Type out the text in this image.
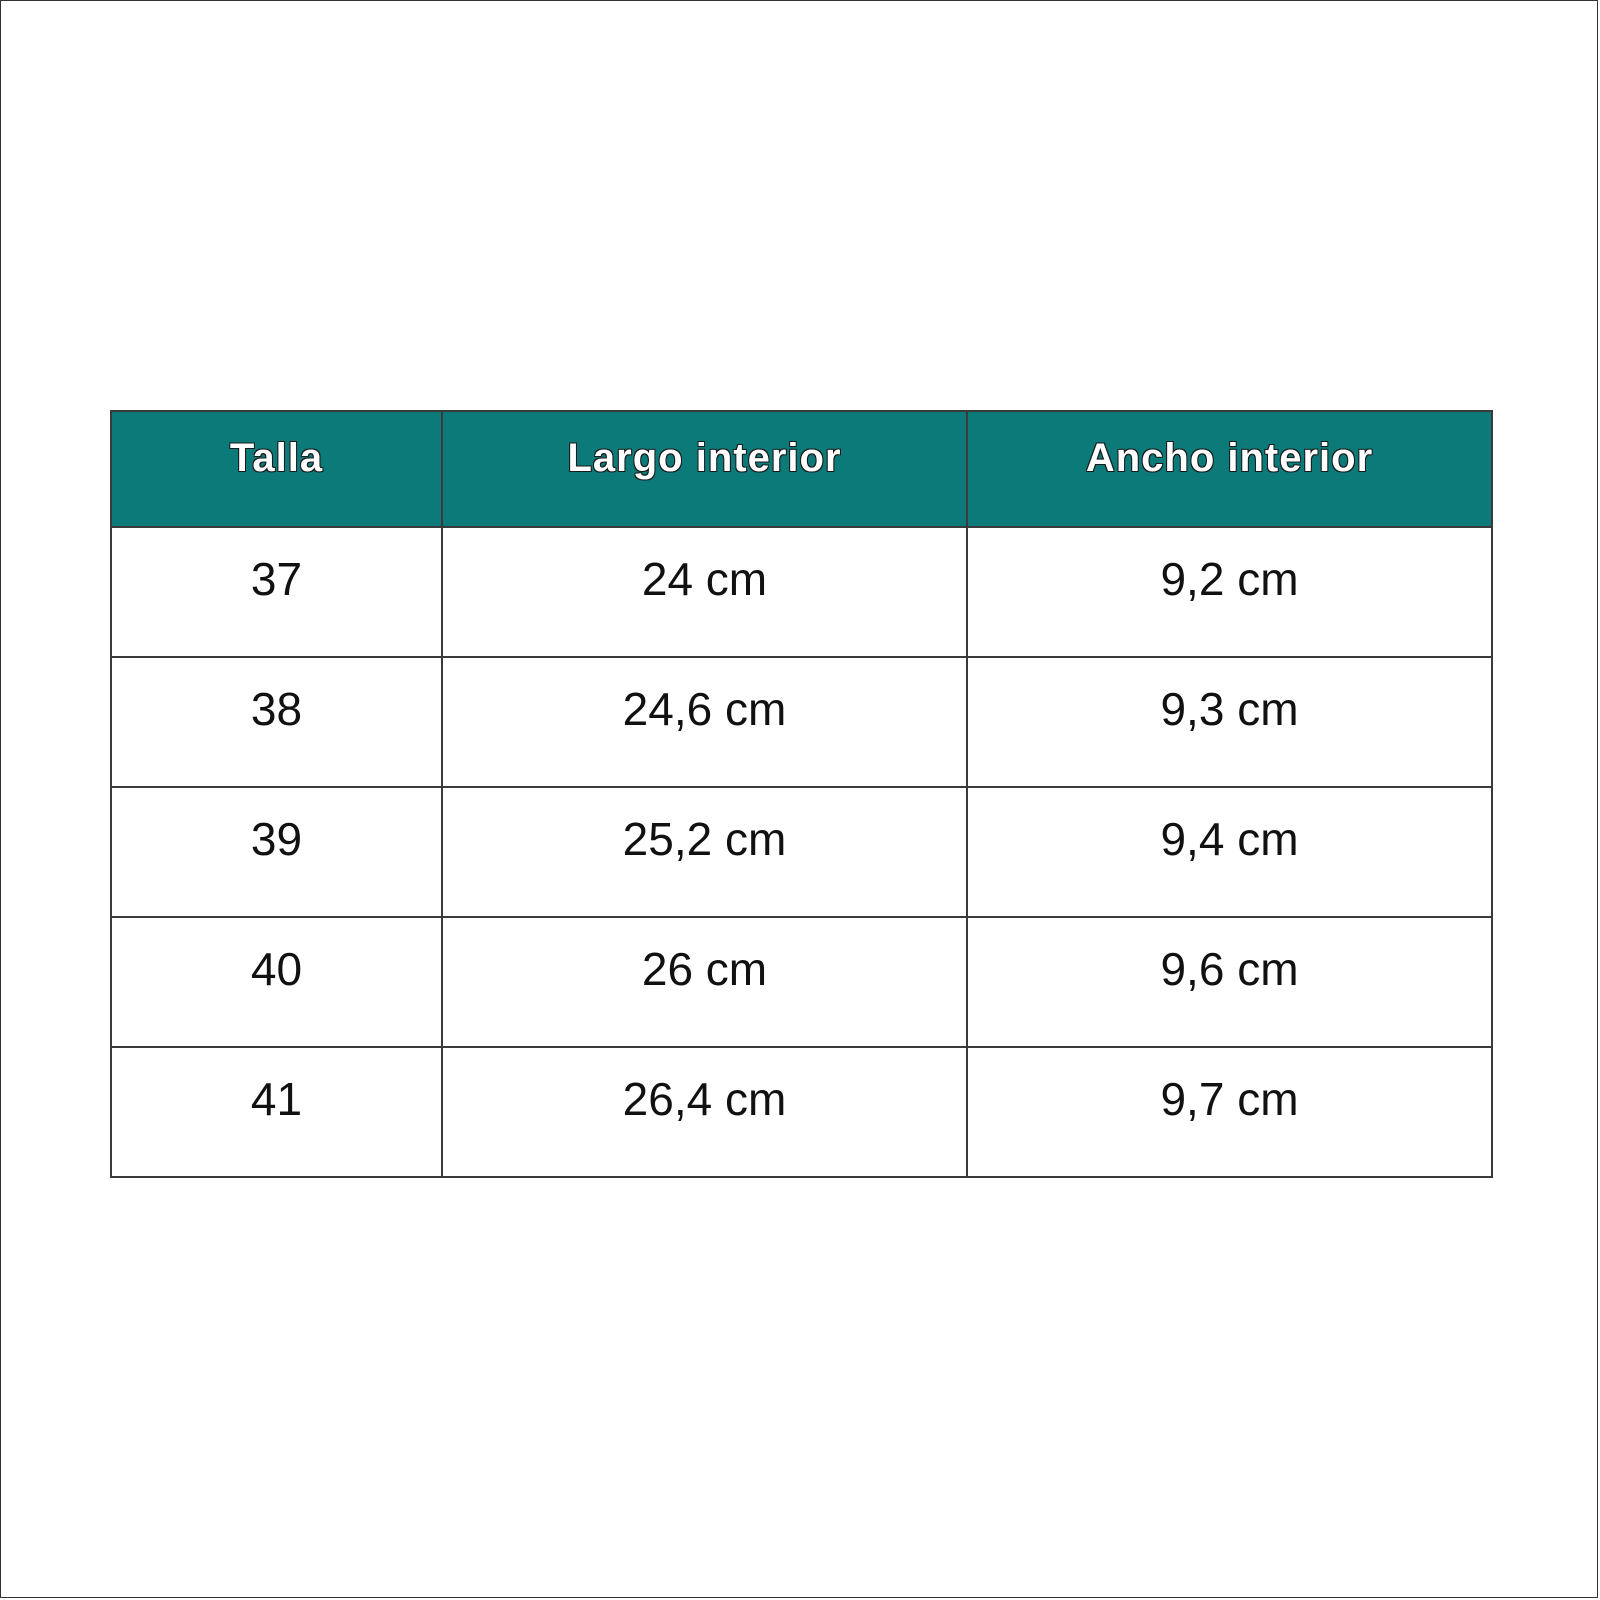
Talla	Largo interior	Ancho interior
37	24 cm	9,2 cm
38	24,6 cm	9,3 cm
39	25,2 cm	9,4 cm
40	26 cm	9,6 cm
41	26,4 cm	9,7 cm
